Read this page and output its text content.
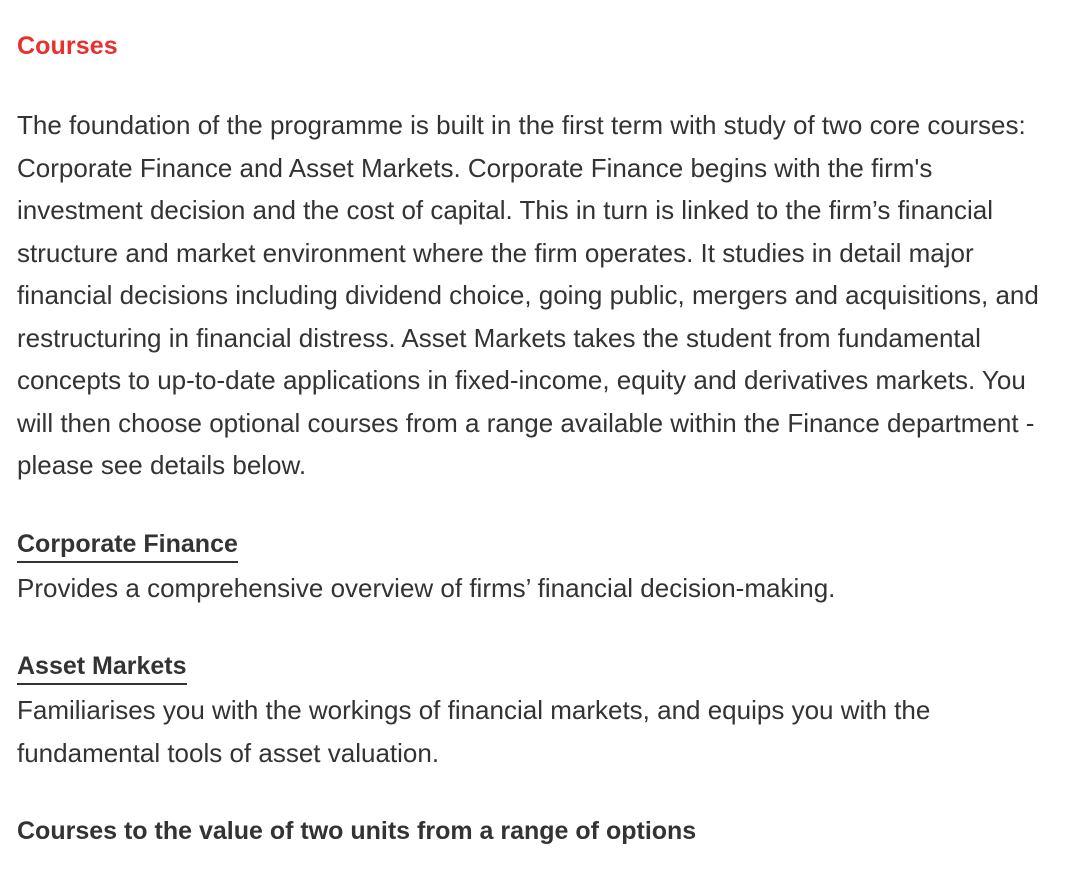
Courses

The foundation of the programme is built in the first term with study of two core courses: Corporate Finance and Asset Markets. Corporate Finance begins with the firm's investment decision and the cost of capital. This in turn is linked to the firm’s financial structure and market environment where the firm operates. It studies in detail major financial decisions including dividend choice, going public, mergers and acquisitions, and restructuring in financial distress. Asset Markets takes the student from fundamental concepts to up-to-date applications in fixed-income, equity and derivatives markets. You will then choose optional courses from a range available within the Finance department - please see details below.

Corporate Finance

Provides a comprehensive overview of firms’ financial decision-making.

Asset Markets

Familiarises you with the workings of financial markets, and equips you with the fundamental tools of asset valuation.

Courses to the value of two units from a range of options
